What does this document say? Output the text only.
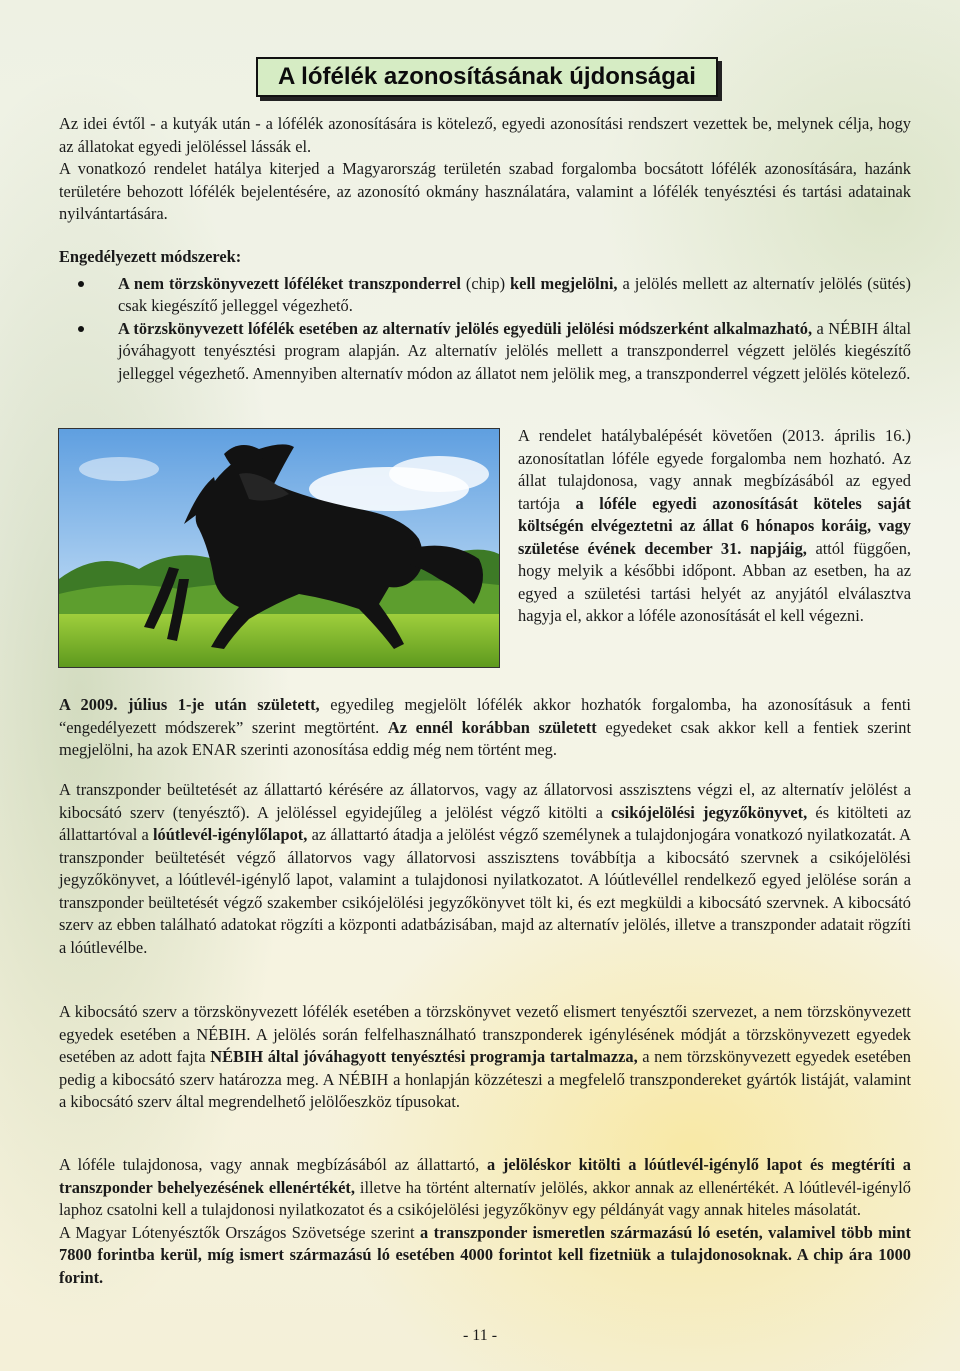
A lófélék azonosításának újdonságai

Az idei évtől - a kutyák után - a lófélék azonosítására is kötelező, egyedi azonosítási rendszert vezettek be, melynek célja, hogy az állatokat egyedi jelöléssel lássák el.

A vonatkozó rendelet hatálya kiterjed a Magyarország területén szabad forgalomba bocsátott lófélék azonosítására, hazánk területére behozott lófélék bejelentésére, az azonosító okmány használatára, valamint a lófélék tenyésztési és tartási adatainak nyilvántartására.

Engedélyezett módszerek:

A nem törzskönyvezett lóféléket transzponderrel (chip) kell megjelölni, a jelölés mellett az alternatív jelölés (sütés) csak kiegészítő jelleggel végezhető.
A törzskönyvezett lófélék esetében az alternatív jelölés egyedüli jelölési módszerként alkalmazható, a NÉBIH által jóváhagyott tenyésztési program alapján. Az alternatív jelölés mellett a transzponderrel végzett jelölés kiegészítő jelleggel végezhető. Amennyiben alternatív módon az állatot nem jelölik meg, a transzponderrel végzett jelölés kötelező.
A rendelet hatálybalépését követően (2013. április 16.) azonosítatlan lóféle egyede forgalomba nem hozható. Az állat tulajdonosa, vagy annak megbízásából az egyed tartója a lóféle egyedi azonosítását köteles saját költségén elvégeztetni az állat 6 hónapos koráig, vagy születése évének december 31. napjáig, attól függően, hogy melyik a későbbi időpont. Abban az esetben, ha az egyed a születési tartási helyét az anyjától elválasztva hagyja el, akkor a lóféle azonosítását el kell végezni.

A 2009. július 1-je után született, egyedileg megjelölt lófélék akkor hozhatók forgalomba, ha azonosításuk a fenti “engedélyezett módszerek” szerint megtörtént. Az ennél korábban született egyedeket csak akkor kell a fentiek szerint megjelölni, ha azok ENAR szerinti azonosítása eddig még nem történt meg.

A transzponder beültetését az állattartó kérésére az állatorvos, vagy az állatorvosi asszisztens végzi el, az alternatív jelölést a kibocsátó szerv (tenyésztő). A jelöléssel egyidejűleg a jelölést végző kitölti a csikójelölési jegyzőkönyvet, és kitölteti az állattartóval a lóútlevél-igénylőlapot, az állattartó átadja a jelölést végző személynek a tulajdonjogára vonatkozó nyilatkozatát. A transzponder beültetését végző állatorvos vagy állatorvosi asszisztens továbbítja a kibocsátó szervnek a csikójelölési jegyzőkönyvet, a lóútlevél-igénylő lapot, valamint a tulajdonosi nyilatkozatot. A lóútlevéllel rendelkező egyed jelölése során a transzponder beültetését végző szakember csikójelölési jegyzőkönyvet tölt ki, és ezt megküldi a kibocsátó szervnek. A kibocsátó szerv az ebben található adatokat rögzíti a központi adatbázisában, majd az alternatív jelölés, illetve a transzponder adatait rögzíti a lóútlevélbe.

A kibocsátó szerv a törzskönyvezett lófélék esetében a törzskönyvet vezető elismert tenyésztői szervezet, a nem törzskönyvezett egyedek esetében a NÉBIH. A jelölés során felfelhasználható transzponderek igénylésének módját a törzskönyvezett egyedek esetében az adott fajta NÉBIH által jóváhagyott tenyésztési programja tartalmazza, a nem törzskönyvezett egyedek esetében pedig a kibocsátó szerv határozza meg. A NÉBIH a honlapján közzéteszi a megfelelő transzpondereket gyártók listáját, valamint a kibocsátó szerv által megrendelhető jelölőeszköz típusokat.

A lóféle tulajdonosa, vagy annak megbízásából az állattartó, a jelöléskor kitölti a lóútlevél-igénylő lapot és megtéríti a transzponder behelyezésének ellenértékét, illetve ha történt alternatív jelölés, akkor annak az ellenértékét. A lóútlevél-igénylő laphoz csatolni kell a tulajdonosi nyilatkozatot és a csikójelölési jegyzőkönyv egy példányát vagy annak hiteles másolatát.

A Magyar Lótenyésztők Országos Szövetsége szerint a transzponder ismeretlen származású ló esetén, valamivel több mint 7800 forintba kerül, míg ismert származású ló esetében 4000 forintot kell fizetniük a tulajdonosoknak. A chip ára 1000 forint.

- 11 -
